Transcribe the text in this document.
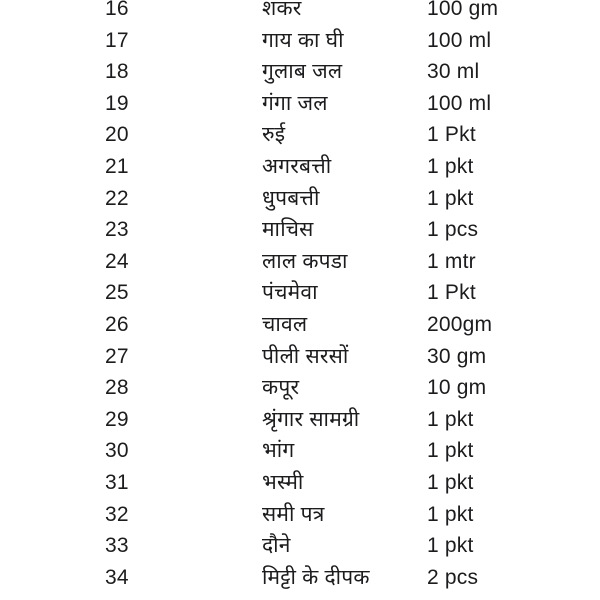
16	शकर	100 gm
17	गाय का घी	100 ml
18	गुलाब जल	30 ml
19	गंगा जल	100 ml
20	रुई	1 Pkt
21	अगरबत्ती	1 pkt
22	धुपबत्ती	1 pkt
23	माचिस	1 pcs
24	लाल कपडा	1 mtr
25	पंचमेवा	1 Pkt
26	चावल	200gm
27	पीली सरसों	30 gm
28	कपूर	10 gm
29	श्रृंगार सामग्री	1 pkt
30	भांग	1 pkt
31	भस्मी	1 pkt
32	समी पत्र	1 pkt
33	दौने	1 pkt
34	मिट्टी के दीपक	2 pcs
